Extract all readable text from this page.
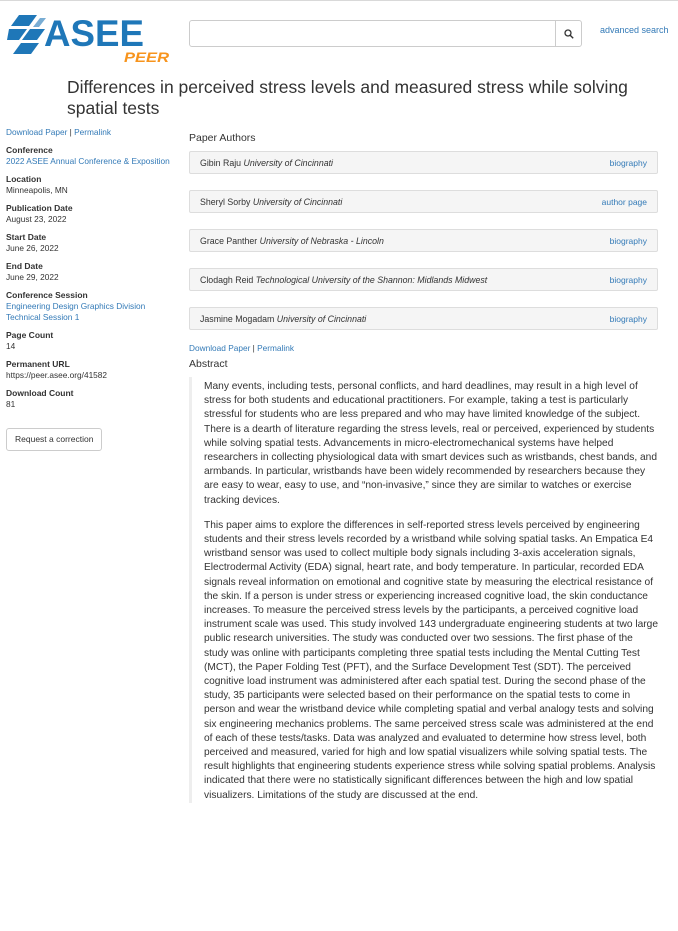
ASEE
PEER
advanced search
Differences in perceived stress levels and measured stress while solving spatial tests
Download Paper | Permalink
Conference
2022 ASEE Annual Conference & Exposition
Location
Minneapolis, MN
Publication Date
August 23, 2022
Start Date
June 26, 2022
End Date
June 29, 2022
Conference Session
Engineering Design Graphics Division Technical Session 1
Page Count
14
Permanent URL
https://peer.asee.org/41582
Download Count
81
Request a correction
Paper Authors
Gibin Raju University of Cincinnati	biography
Sheryl Sorby University of Cincinnati	author page
Grace Panther University of Nebraska - Lincoln	biography
Clodagh Reid Technological University of the Shannon: Midlands Midwest	biography
Jasmine Mogadam University of Cincinnati	biography
Download Paper | Permalink
Abstract

Many events, including tests, personal conflicts, and hard deadlines, may result in a high level of stress for both students and educational practitioners. For example, taking a test is particularly stressful for students who are less prepared and who may have limited knowledge of the subject. There is a dearth of literature regarding the stress levels, real or perceived, experienced by students while solving spatial tests. Advancements in micro-electromechanical systems have helped researchers in collecting physiological data with smart devices such as wristbands, chest bands, and armbands. In particular, wristbands have been widely recommended by researchers because they are easy to wear, easy to use, and “non-invasive,” since they are similar to watches or exercise tracking devices.

This paper aims to explore the differences in self-reported stress levels perceived by engineering students and their stress levels recorded by a wristband while solving spatial tasks. An Empatica E4 wristband sensor was used to collect multiple body signals including 3-axis acceleration signals, Electrodermal Activity (EDA) signal, heart rate, and body temperature. In particular, recorded EDA signals reveal information on emotional and cognitive state by measuring the electrical resistance of the skin. If a person is under stress or experiencing increased cognitive load, the skin conductance increases. To measure the perceived stress levels by the participants, a perceived cognitive load instrument scale was used. This study involved 143 undergraduate engineering students at two large public research universities. The study was conducted over two sessions. The first phase of the study was online with participants completing three spatial tests including the Mental Cutting Test (MCT), the Paper Folding Test (PFT), and the Surface Development Test (SDT). The perceived cognitive load instrument was administered after each spatial test. During the second phase of the study, 35 participants were selected based on their performance on the spatial tests to come in person and wear the wristband device while completing spatial and verbal analogy tests and solving six engineering mechanics problems. The same perceived stress scale was administered at the end of each of these tests/tasks. Data was analyzed and evaluated to determine how stress level, both perceived and measured, varied for high and low spatial visualizers while solving spatial tests. The result highlights that engineering students experience stress while solving spatial problems. Analysis indicated that there were no statistically significant differences between the high and low spatial visualizers. Limitations of the study are discussed at the end.
